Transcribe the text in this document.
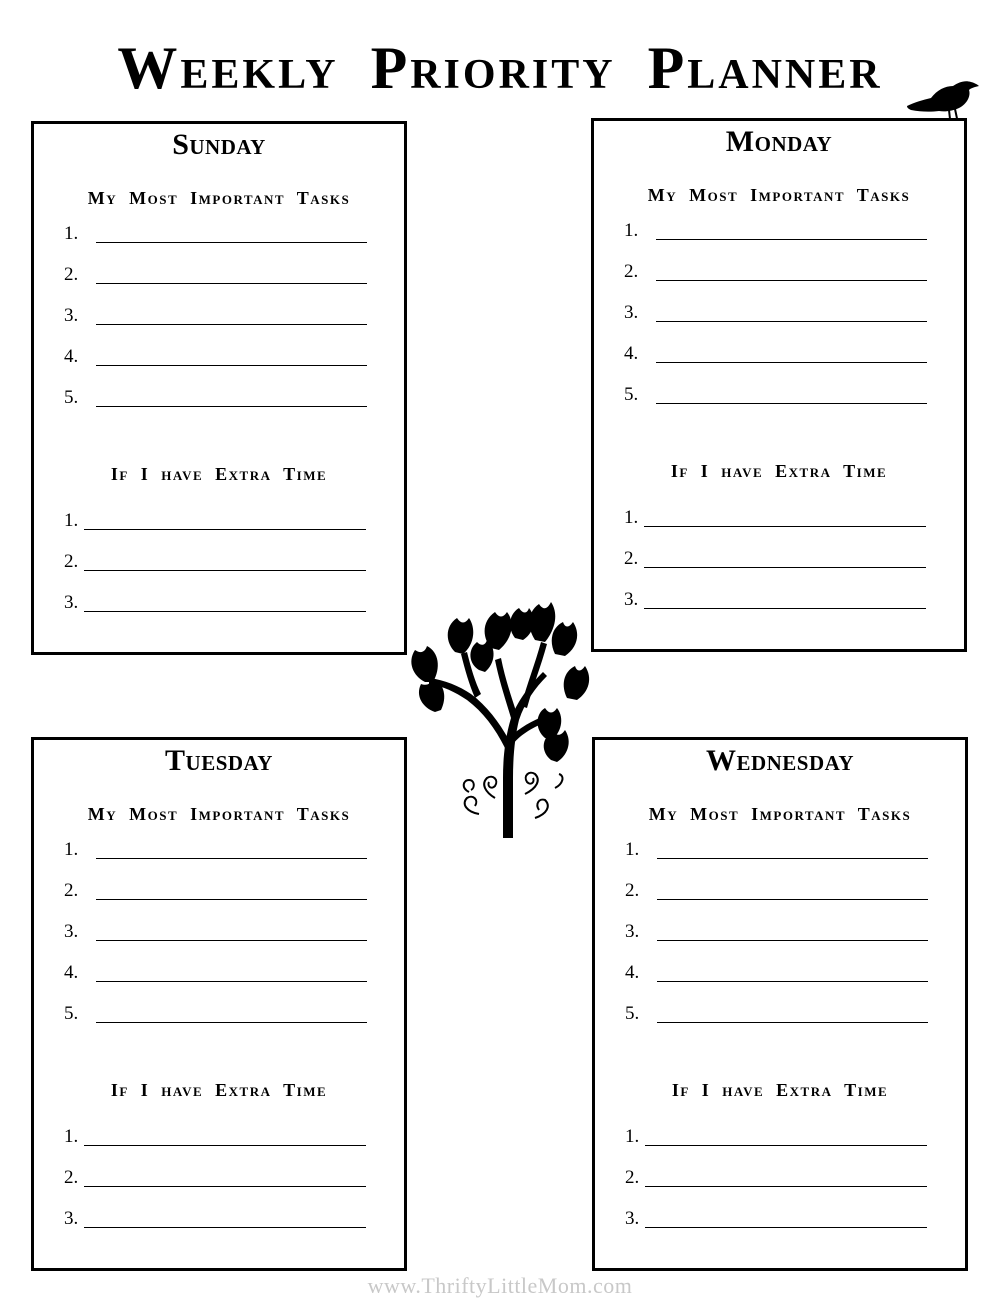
Weekly Priority Planner
Sunday
My Most Important Tasks
1.
2.
3.
4.
5.
If I have Extra Time
1.
2.
3.
Monday
My Most Important Tasks
1.
2.
3.
4.
5.
If I have Extra Time
1.
2.
3.
Tuesday
My Most Important Tasks
1.
2.
3.
4.
5.
If I have Extra Time
1.
2.
3.
Wednesday
My Most Important Tasks
1.
2.
3.
4.
5.
If I have Extra Time
1.
2.
3.
www.ThriftyLittleMom.com
